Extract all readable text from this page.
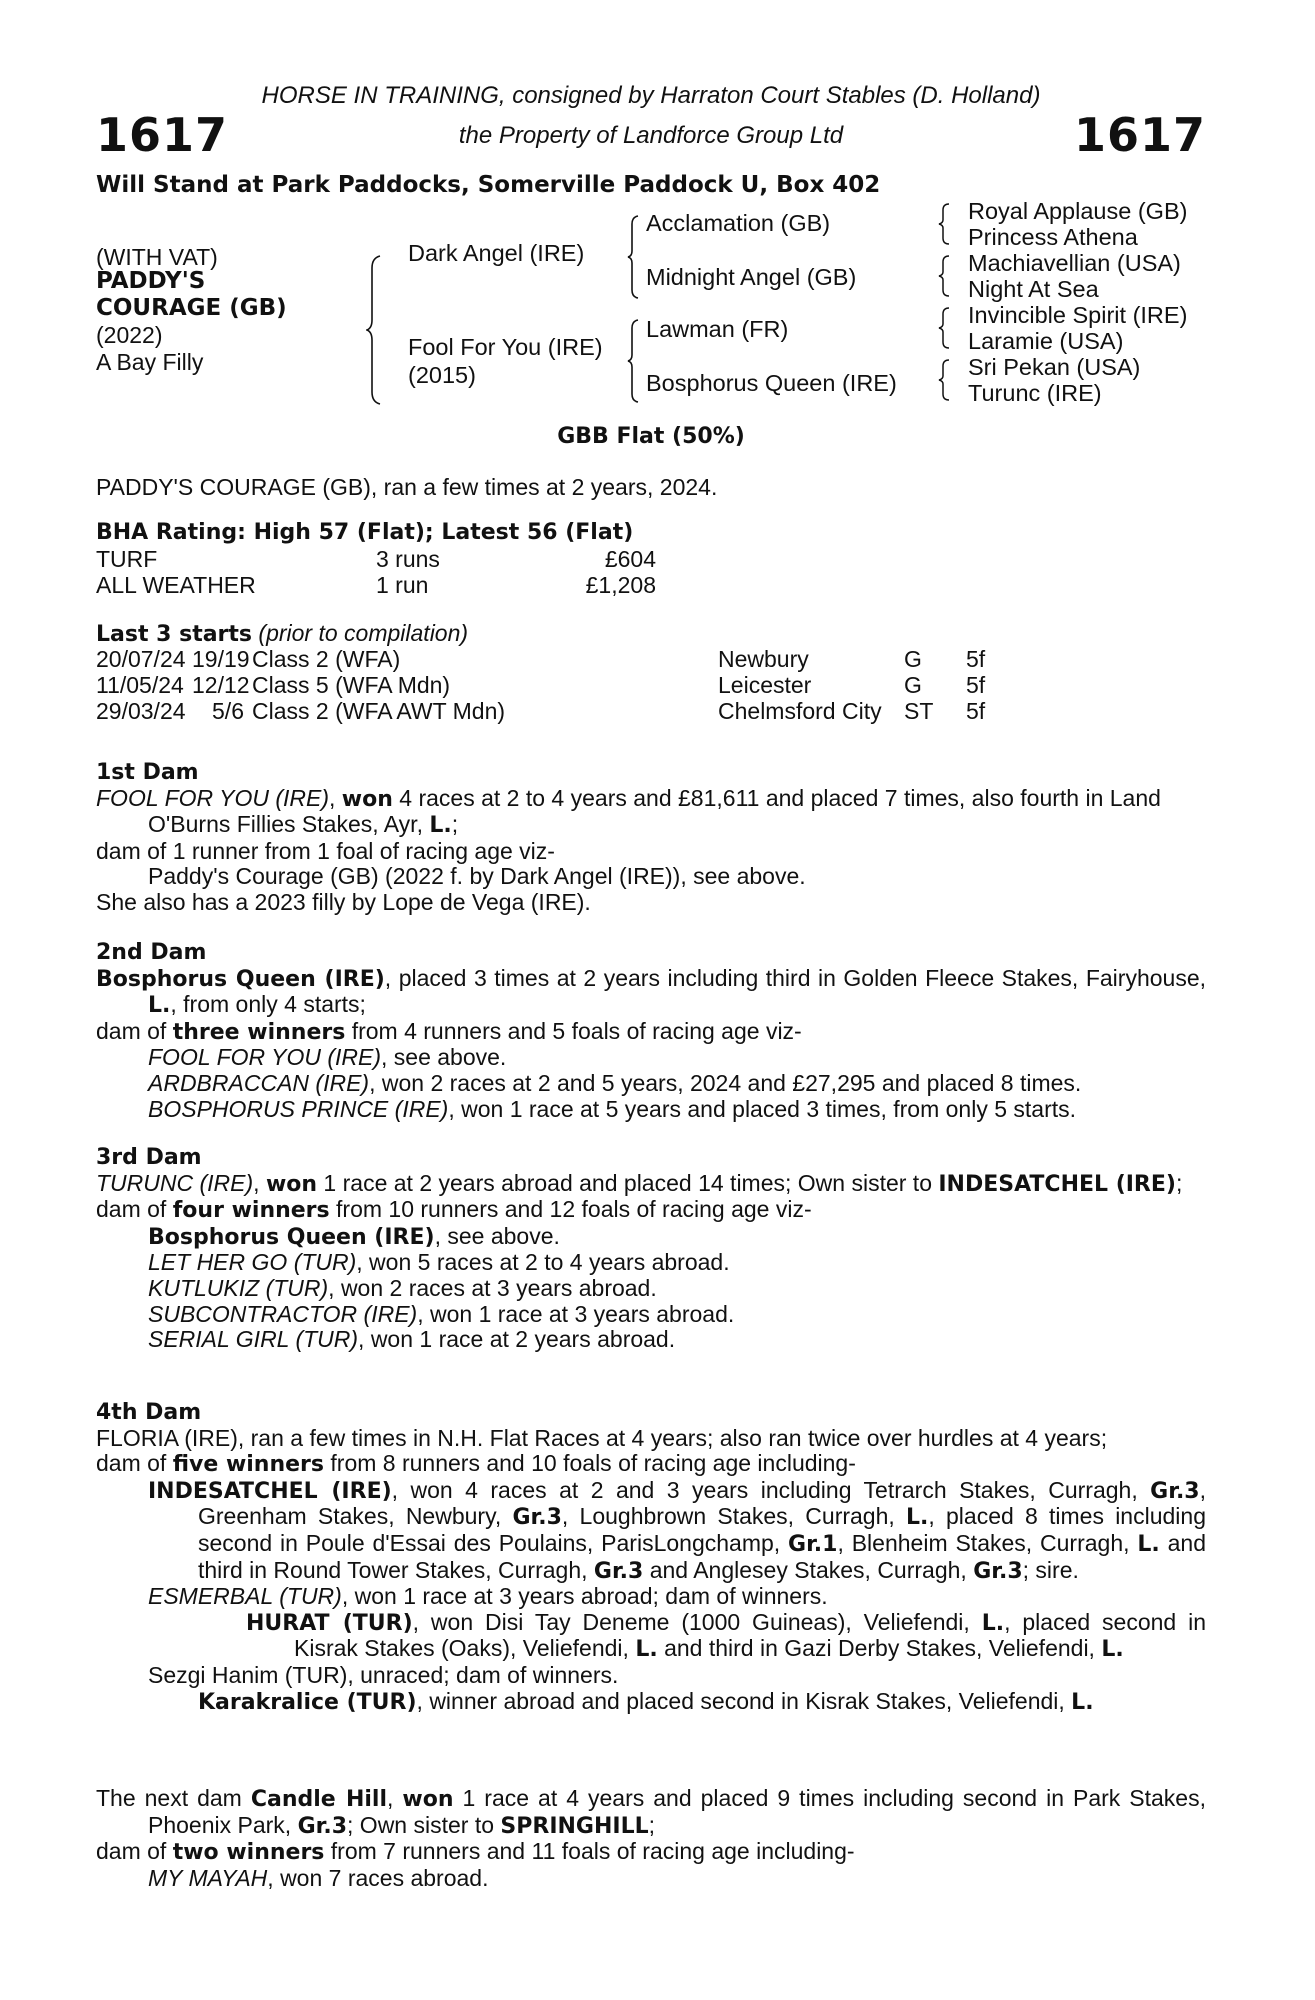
HORSE IN TRAINING, consigned by Harraton Court Stables (D. Holland)
1617	the Property of Landforce Group Ltd	1617
Will Stand at Park Paddocks, Somerville Paddock U, Box 402
(WITH VAT)
PADDY'S
COURAGE (GB)
(2022)
A Bay Filly
Dark Angel (IRE)
Fool For You (IRE)
(2015)
Acclamation (GB)
Midnight Angel (GB)
Lawman (FR)
Bosphorus Queen (IRE)
Royal Applause (GB)
Princess Athena
Machiavellian (USA)
Night At Sea
Invincible Spirit (IRE)
Laramie (USA)
Sri Pekan (USA)
Turunc (IRE)
GBB Flat (50%)
PADDY'S COURAGE (GB), ran a few times at 2 years, 2024.
BHA Rating: High 57 (Flat); Latest 56 (Flat)
TURF	3 runs	£604
ALL WEATHER	1 run	£1,208
Last 3 starts (prior to compilation)
20/07/24 19/19 Class 2 (WFA)	Newbury	G 5f
11/05/24 12/12 Class 5 (WFA Mdn)	Leicester	G 5f
29/03/24	5/6 Class 2 (WFA AWT Mdn)	Chelmsford City ST 5f

1st Dam

FOOL FOR YOU (IRE), won 4 races at 2 to 4 years and £81,611 and placed 7 times, also fourth in Land O'Burns Fillies Stakes, Ayr, L.;

dam of 1 runner from 1 foal of racing age viz-

Paddy's Courage (GB) (2022 f. by Dark Angel (IRE)), see above.

She also has a 2023 filly by Lope de Vega (IRE).

2nd Dam

Bosphorus Queen (IRE), placed 3 times at 2 years including third in Golden Fleece Stakes, Fairyhouse, L., from only 4 starts;

dam of three winners from 4 runners and 5 foals of racing age viz-

FOOL FOR YOU (IRE), see above.

ARDBRACCAN (IRE), won 2 races at 2 and 5 years, 2024 and £27,295 and placed 8 times.

BOSPHORUS PRINCE (IRE), won 1 race at 5 years and placed 3 times, from only 5 starts.

3rd Dam

TURUNC (IRE), won 1 race at 2 years abroad and placed 14 times; Own sister to INDESATCHEL (IRE);

dam of four winners from 10 runners and 12 foals of racing age viz-

Bosphorus Queen (IRE), see above.

LET HER GO (TUR), won 5 races at 2 to 4 years abroad.

KUTLUKIZ (TUR), won 2 races at 3 years abroad.

SUBCONTRACTOR (IRE), won 1 race at 3 years abroad.

SERIAL GIRL (TUR), won 1 race at 2 years abroad.

4th Dam

FLORIA (IRE), ran a few times in N.H. Flat Races at 4 years; also ran twice over hurdles at 4 years;

dam of five winners from 8 runners and 10 foals of racing age including-

INDESATCHEL (IRE), won 4 races at 2 and 3 years including Tetrarch Stakes, Curragh, Gr.3, Greenham Stakes, Newbury, Gr.3, Loughbrown Stakes, Curragh, L., placed 8 times including second in Poule d'Essai des Poulains, ParisLongchamp, Gr.1, Blenheim Stakes, Curragh, L. and third in Round Tower Stakes, Curragh, Gr.3 and Anglesey Stakes, Curragh, Gr.3; sire.

ESMERBAL (TUR), won 1 race at 3 years abroad; dam of winners.

HURAT (TUR), won Disi Tay Deneme (1000 Guineas), Veliefendi, L., placed second in Kisrak Stakes (Oaks), Veliefendi, L. and third in Gazi Derby Stakes, Veliefendi, L.

Sezgi Hanim (TUR), unraced; dam of winners.

Karakralice (TUR), winner abroad and placed second in Kisrak Stakes, Veliefendi, L.

The next dam Candle Hill, won 1 race at 4 years and placed 9 times including second in Park Stakes, Phoenix Park, Gr.3; Own sister to SPRINGHILL;

dam of two winners from 7 runners and 11 foals of racing age including-

MY MAYAH, won 7 races abroad.
